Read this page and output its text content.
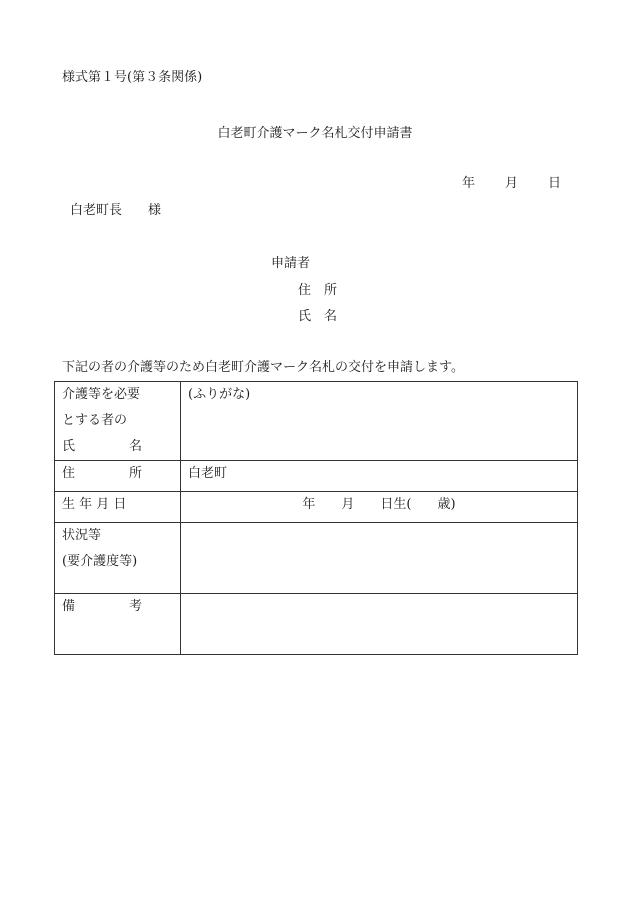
様式第１号(第３条関係)
白老町介護マーク名札交付申請書
年 月 日
白老町長　　様
申請者
住　所
氏　名
下記の者の介護等のため白老町介護マーク名札の交付を申請します。
介護等を必要
とする者の
氏 名	(ふりがな)

住 所	白老町
生 年 月 日	年　　月　　日生(　　歳)

状況等
(要介護度等)	

備 考	
